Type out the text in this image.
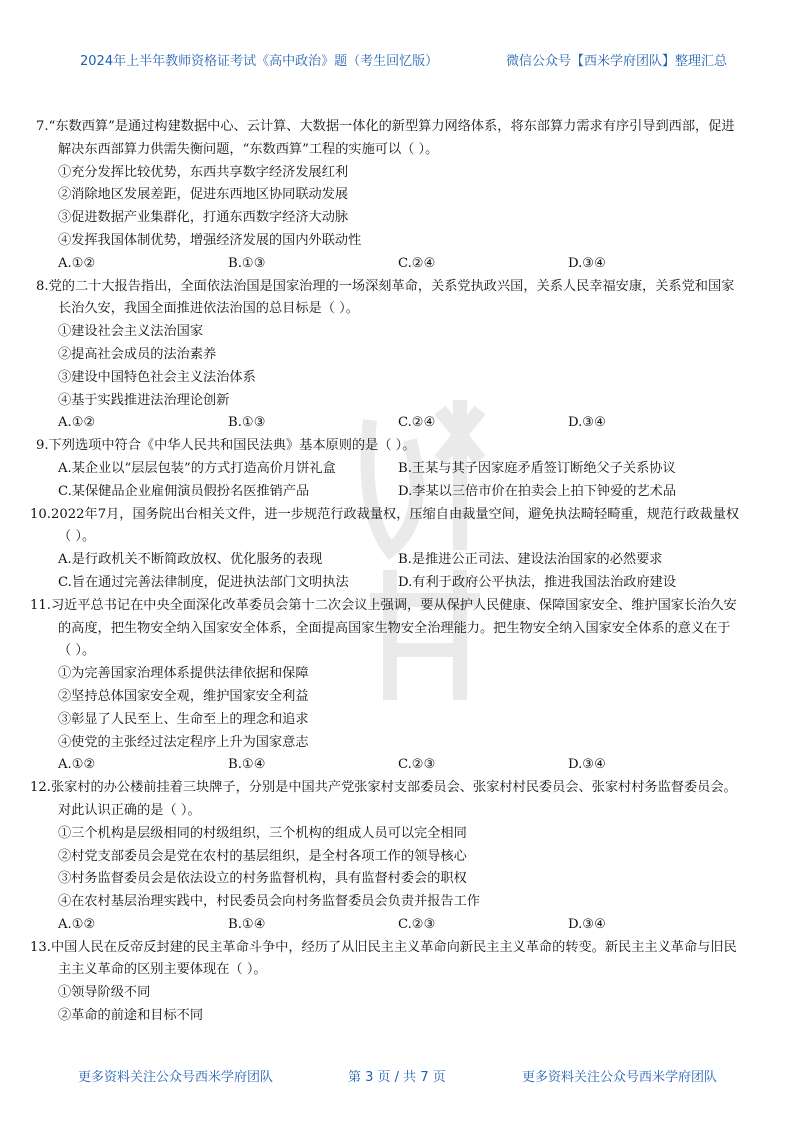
2024年上半年教师资格证考试《高中政治》题（考生回忆版）	微信公众号【西米学府团队】整理汇总
7.“东数西算”是通过构建数据中心、云计算、大数据一体化的新型算力网络体系，将东部算力需求有序引导到西部，促进解决东西部算力供需失衡问题，“东数西算”工程的实施可以（ ）。
①充分发挥比较优势，东西共享数字经济发展红利
②消除地区发展差距，促进东西地区协同联动发展
③促进数据产业集群化，打通东西数字经济大动脉
④发挥我国体制优势，增强经济发展的国内外联动性
A.①②	B.①③	C.②④	D.③④
8.党的二十大报告指出，全面依法治国是国家治理的一场深刻革命，关系党执政兴国，关系人民幸福安康，关系党和国家长治久安，我国全面推进依法治国的总目标是（ ）。
①建设社会主义法治国家
②提高社会成员的法治素养
③建设中国特色社会主义法治体系
④基于实践推进法治理论创新
A.①②	B.①③	C.②④	D.③④
9.下列选项中符合《中华人民共和国民法典》基本原则的是（ ）。
A.某企业以“层层包装”的方式打造高价月饼礼盒	B.王某与其子因家庭矛盾签订断绝父子关系协议
C.某保健品企业雇佣演员假扮名医推销产品	D.李某以三倍市价在拍卖会上拍下钟爱的艺术品
10.2022年7月，国务院出台相关文件，进一步规范行政裁量权，压缩自由裁量空间，避免执法畸轻畸重，规范行政裁量权（ ）。
A.是行政机关不断简政放权、优化服务的表现	B.是推进公正司法、建设法治国家的必然要求
C.旨在通过完善法律制度，促进执法部门文明执法	D.有利于政府公平执法，推进我国法治政府建设
11.习近平总书记在中央全面深化改革委员会第十二次会议上强调，要从保护人民健康、保障国家安全、维护国家长治久安的高度，把生物安全纳入国家安全体系，全面提高国家生物安全治理能力。把生物安全纳入国家安全体系的意义在于（ ）。
①为完善国家治理体系提供法律依据和保障
②坚持总体国家安全观，维护国家安全利益
③彰显了人民至上、生命至上的理念和追求
④使党的主张经过法定程序上升为国家意志
A.①②	B.①④	C.②③	D.③④
12.张家村的办公楼前挂着三块牌子，分别是中国共产党张家村支部委员会、张家村村民委员会、张家村村务监督委员会。对此认识正确的是（ ）。
①三个机构是层级相同的村级组织，三个机构的组成人员可以完全相同
②村党支部委员会是党在农村的基层组织，是全村各项工作的领导核心
③村务监督委员会是依法设立的村务监督机构，具有监督村委会的职权
④在农村基层治理实践中，村民委员会向村务监督委员会负责并报告工作
A.①②	B.①④	C.②③	D.③④
13.中国人民在反帝反封建的民主革命斗争中，经历了从旧民主主义革命向新民主主义革命的转变。新民主主义革命与旧民主主义革命的区别主要体现在（ ）。
①领导阶级不同
②革命的前途和目标不同
更多资料关注公众号西米学府团队	第 3 页 / 共 7 页	更多资料关注公众号西米学府团队
